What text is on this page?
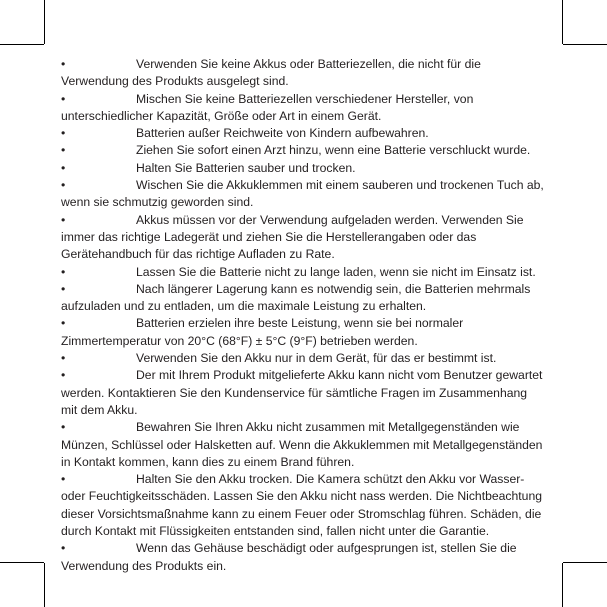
•	Verwenden Sie keine Akkus oder Batteriezellen, die nicht für die Verwendung des Produkts ausgelegt sind.

•	Mischen Sie keine Batteriezellen verschiedener Hersteller, von unterschiedlicher Kapazität, Größe oder Art in einem Gerät.

•	Batterien außer Reichweite von Kindern aufbewahren.

•	Ziehen Sie sofort einen Arzt hinzu, wenn eine Batterie verschluckt wurde.

•	Halten Sie Batterien sauber und trocken.

•	Wischen Sie die Akkuklemmen mit einem sauberen und trockenen Tuch ab, wenn sie schmutzig geworden sind.

•	Akkus müssen vor der Verwendung aufgeladen werden. Verwenden Sie immer das richtige Ladegerät und ziehen Sie die Herstellerangaben oder das Gerätehandbuch für das richtige Aufladen zu Rate.

•	Lassen Sie die Batterie nicht zu lange laden, wenn sie nicht im Einsatz ist.

•	Nach längerer Lagerung kann es notwendig sein, die Batterien mehrmals aufzuladen und zu entladen, um die maximale Leistung zu erhalten.

•	Batterien erzielen ihre beste Leistung, wenn sie bei normaler Zimmertemperatur von 20°C (68°F) ± 5°C (9°F) betrieben werden.

•	Verwenden Sie den Akku nur in dem Gerät, für das er bestimmt ist.

•	Der mit Ihrem Produkt mitgelieferte Akku kann nicht vom Benutzer gewartet werden. Kontaktieren Sie den Kundenservice für sämtliche Fragen im Zusammenhang mit dem Akku.

•	Bewahren Sie Ihren Akku nicht zusammen mit Metallgegenständen wie Münzen, Schlüssel oder Halsketten auf. Wenn die Akkuklemmen mit Metallgegenständen in Kontakt kommen, kann dies zu einem Brand führen.

•	Halten Sie den Akku trocken. Die Kamera schützt den Akku vor Wasser- oder Feuchtigkeitsschäden. Lassen Sie den Akku nicht nass werden. Die Nichtbeachtung dieser Vorsichtsmaßnahme kann zu einem Feuer oder Stromschlag führen. Schäden, die durch Kontakt mit Flüssigkeiten entstanden sind, fallen nicht unter die Garantie.

•	Wenn das Gehäuse beschädigt oder aufgesprungen ist, stellen Sie die Verwendung des Produkts ein.
